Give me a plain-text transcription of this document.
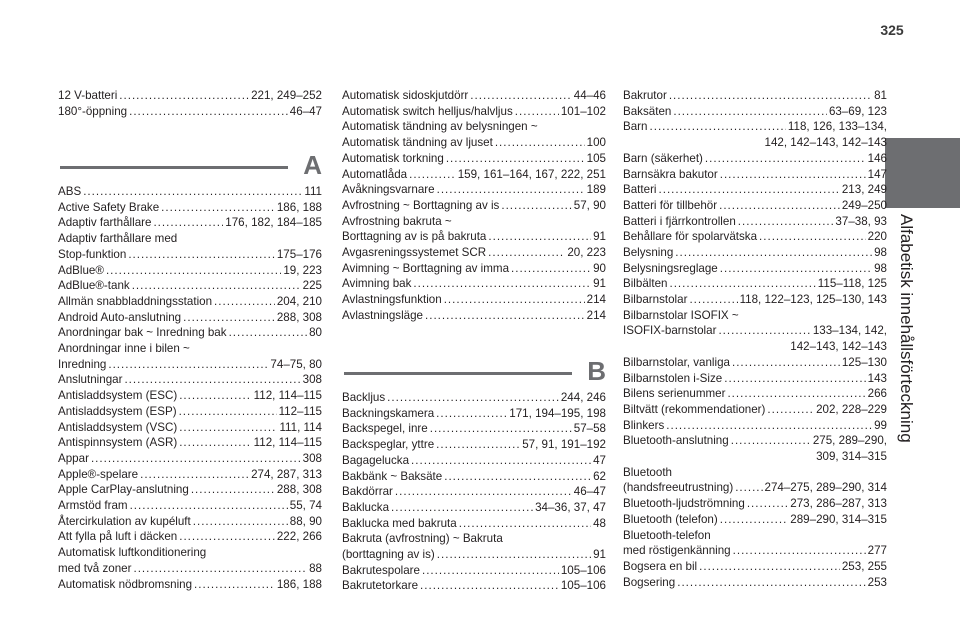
325
Alfabetisk innehållsförteckning
12 V-batteri .....	221, 249–252
180°-öppning .....	46–47
A
ABS .....	111
Active Safety Brake .....	186, 188
Adaptiv farthållare .....	176, 182, 184–185
Adaptiv farthållare med
Stop-funktion .....	175–176
AdBlue® .....	19, 223
AdBlue®-tank .....	225
Allmän snabbladdningsstation .....	204, 210
Android Auto-anslutning .....	288, 308
Anordningar bak ~ Inredning bak .....	80
Anordningar inne i bilen ~
Inredning .....	74–75, 80
Anslutningar .....	308
Antisladdsystem (ESC) .....	112, 114–115
Antisladdsystem (ESP) .....	112–115
Antisladdsystem (VSC) .....	111, 114
Antispinnsystem (ASR) .....	112, 114–115
Appar .....	308
Apple®-spelare .....	274, 287, 313
Apple CarPlay-anslutning .....	288, 308
Armstöd fram .....	55, 74
Återcirkulation av kupéluft .....	88, 90
Att fylla på luft i däcken .....	222, 266
Automatisk luftkonditionering
med två zoner .....	88
Automatisk nödbromsning .....	186, 188
Automatisk sidoskjutdörr .....	44–46
Automatisk switch helljus/halvljus .....	101–102
Automatisk tändning av belysningen ~
Automatisk tändning av ljuset .....	100
Automatisk torkning .....	105
Automatlåda .....	159, 161–164, 167, 222, 251
Avåkningsvarnare .....	189
Avfrostning ~ Borttagning av is .....	57, 90
Avfrostning bakruta ~
Borttagning av is på bakruta .....	91
Avgasreningssystemet SCR .....	20, 223
Avimning ~ Borttagning av imma .....	90
Avimning bak .....	91
Avlastningsfunktion .....	214
Avlastningsläge .....	214
B
Backljus .....	244, 246
Backningskamera .....	171, 194–195, 198
Backspegel, inre .....	57–58
Backspeglar, yttre .....	57, 91, 191–192
Bagagelucka .....	47
Bakbänk ~ Baksäte .....	62
Bakdörrar .....	46–47
Baklucka .....	34–36, 37, 47
Baklucka med bakruta .....	48
Bakruta (avfrostning) ~ Bakruta
(borttagning av is) .....	91
Bakrutespolare .....	105–106
Bakrutetorkare .....	105–106
Bakrutor .....	81
Baksäten .....	63–69, 123
Barn .....	118, 126, 133–134,
142, 142–143, 142–143
Barn (säkerhet) .....	146
Barnsäkra bakutor .....	147
Batteri .....	213, 249
Batteri för tillbehör .....	249–250
Batteri i fjärrkontrollen .....	37–38, 93
Behållare för spolarvätska .....	220
Belysning .....	98
Belysningsreglage .....	98
Bilbälten .....	115–118, 125
Bilbarnstolar .....	118, 122–123, 125–130, 143
Bilbarnstolar ISOFIX ~
ISOFIX-barnstolar .....	133–134, 142,
142–143, 142–143
Bilbarnstolar, vanliga .....	125–130
Bilbarnstolen i-Size .....	143
Bilens serienummer .....	266
Biltvätt (rekommendationer) .....	202, 228–229
Blinkers .....	99
Bluetooth-anslutning .....	275, 289–290,
309, 314–315
Bluetooth
(handsfreeutrustning) .....	274–275, 289–290, 314
Bluetooth-ljudströmning .....	273, 286–287, 313
Bluetooth (telefon) .....	289–290, 314–315
Bluetooth-telefon
med röstigenkänning .....	277
Bogsera en bil .....	253, 255
Bogsering .....	253
